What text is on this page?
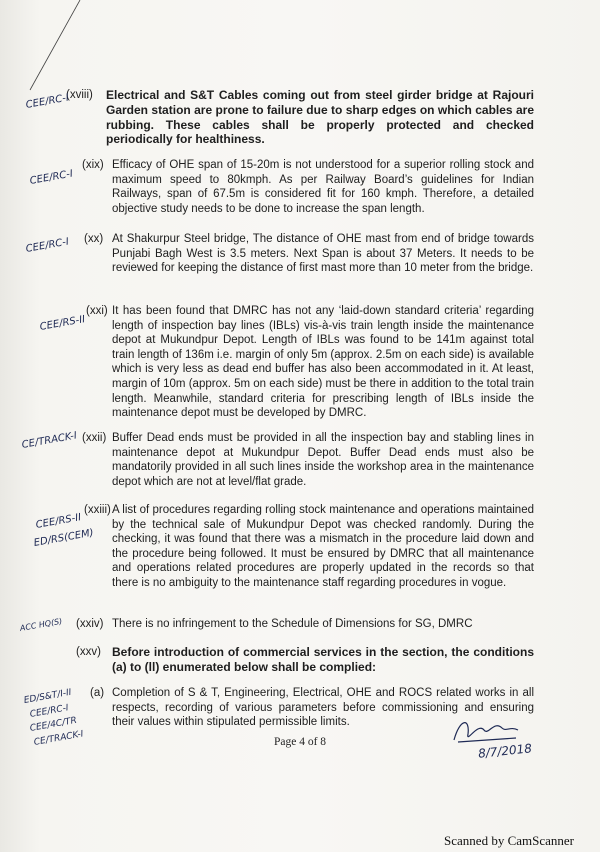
(xviii) Electrical and S&T Cables coming out from steel girder bridge at Rajouri Garden station are prone to failure due to sharp edges on which cables are rubbing. These cables shall be properly protected and checked periodically for healthiness.

(xix) Efficacy of OHE span of 15-20m is not understood for a superior rolling stock and maximum speed to 80kmph. As per Railway Board’s guidelines for Indian Railways, span of 67.5m is considered fit for 160 kmph. Therefore, a detailed objective study needs to be done to increase the span length.

(xx) At Shakurpur Steel bridge, The distance of OHE mast from end of bridge towards Punjabi Bagh West is 3.5 meters. Next Span is about 37 Meters. It needs to be reviewed for keeping the distance of first mast more than 10 meter from the bridge.

(xxi) It has been found that DMRC has not any ‘laid-down standard criteria’ regarding length of inspection bay lines (IBLs) vis-à-vis train length inside the maintenance depot at Mukundpur Depot. Length of IBLs was found to be 141m against total train length of 136m i.e. margin of only 5m (approx. 2.5m on each side) is available which is very less as dead end buffer has also been accommodated in it. At least, margin of 10m (approx. 5m on each side) must be there in addition to the total train length. Meanwhile, standard criteria for prescribing length of IBLs inside the maintenance depot must be developed by DMRC.

(xxii) Buffer Dead ends must be provided in all the inspection bay and stabling lines in maintenance depot at Mukundpur Depot. Buffer Dead ends must also be mandatorily provided in all such lines inside the workshop area in the maintenance depot which are not at level/flat grade.

(xxiii) A list of procedures regarding rolling stock maintenance and operations maintained by the technical sale of Mukundpur Depot was checked randomly. During the checking, it was found that there was a mismatch in the procedure laid down and the procedure being followed. It must be ensured by DMRC that all maintenance and operations related procedures are properly updated in the records so that there is no ambiguity to the maintenance staff regarding procedures in vogue.

(xxiv) There is no infringement to the Schedule of Dimensions for SG, DMRC

(xxv) Before introduction of commercial services in the section, the conditions (a) to (ll) enumerated below shall be complied:

(a) Completion of S & T, Engineering, Electrical, OHE and ROCS related works in all respects, recording of various parameters before commissioning and ensuring their values within stipulated permissible limits.

CEE/RC-I
CEE/RC-I
CEE/RC-I
CEE/RS-II
CE/TRACK-I
CEE/RS-II
ED/RS(CEM)
ACC HQ(S)
ED/S&T/I-II
CEE/RC-I
CEE/4C/TR
CE/TRACK-I
8/7/2018
Page 4 of 8
Scanned by CamScanner
